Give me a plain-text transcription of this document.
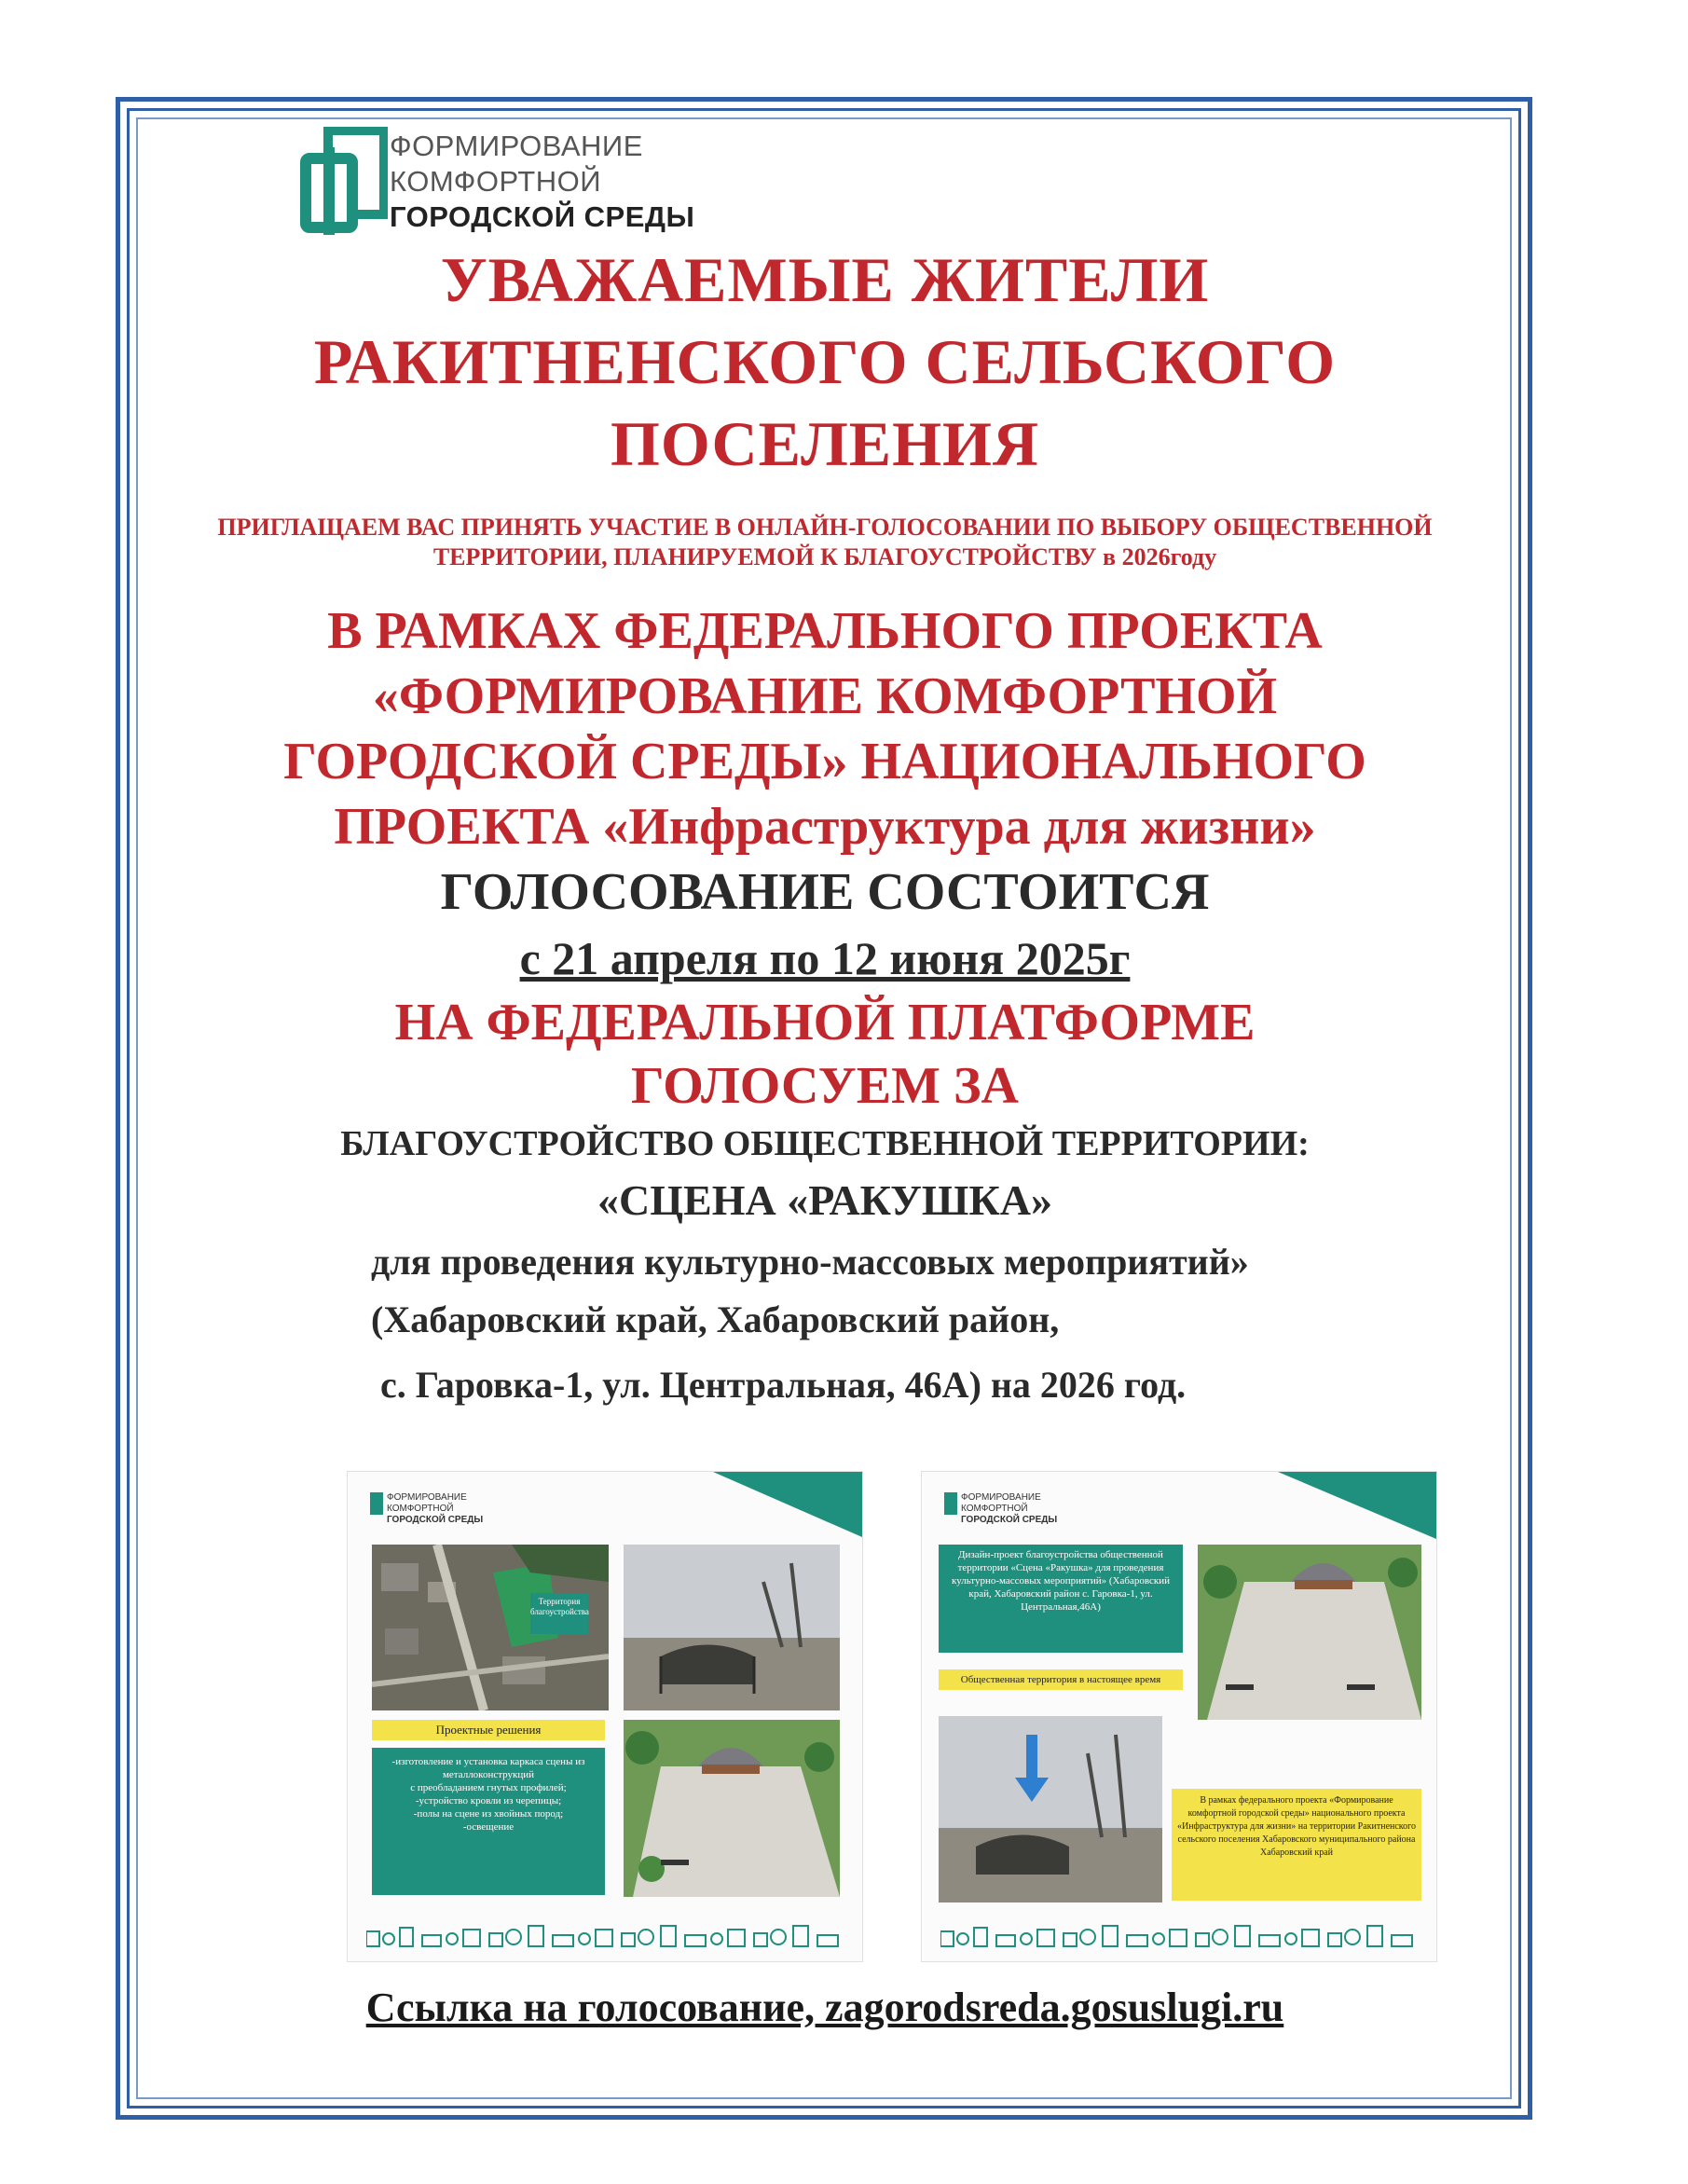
ФОРМИРОВАНИЕ
КОМФОРТНОЙ
ГОРОДСКОЙ СРЕДЫ
УВАЖАЕМЫЕ ЖИТЕЛИ
РАКИТНЕНСКОГО СЕЛЬСКОГО
ПОСЕЛЕНИЯ
ПРИГЛАЩАЕМ ВАС ПРИНЯТЬ УЧАСТИЕ В ОНЛАЙН-ГОЛОСОВАНИИ ПО ВЫБОРУ ОБЩЕСТВЕННОЙ
ТЕРРИТОРИИ, ПЛАНИРУЕМОЙ К БЛАГОУСТРОЙСТВУ в 2026году
В РАМКАХ ФЕДЕРАЛЬНОГО ПРОЕКТА
«ФОРМИРОВАНИЕ КОМФОРТНОЙ
ГОРОДСКОЙ СРЕДЫ» НАЦИОНАЛЬНОГО
ПРОЕКТА «Инфраструктура для жизни»
ГОЛОСОВАНИЕ СОСТОИТСЯ
с 21 апреля по 12 июня 2025г
НА ФЕДЕРАЛЬНОЙ ПЛАТФОРМЕ
ГОЛОСУЕМ ЗА
БЛАГОУСТРОЙСТВО ОБЩЕСТВЕННОЙ ТЕРРИТОРИИ:
«СЦЕНА «РАКУШКА»
для проведения культурно-массовых мероприятий»
(Хабаровский край, Хабаровский район,
с. Гаровка-1, ул. Центральная, 46А) на 2026 год.
ФОРМИРОВАНИЕ
КОМФОРТНОЙ
ГОРОДСКОЙ СРЕДЫ
Территория благоустройства
Проектные решения
-изготовление и установка каркаса сцены из металлоконструкций
с преобладанием гнутых профилей;
-устройство кровли из черепицы;
-полы на сцене из хвойных пород;
-освещение
ФОРМИРОВАНИЕ
КОМФОРТНОЙ
ГОРОДСКОЙ СРЕДЫ
Дизайн-проект благоустройства общественной территории «Сцена «Ракушка» для проведения культурно-массовых мероприятий» (Хабаровский край, Хабаровский район с. Гаровка-1, ул. Центральная,46А)
Общественная территория в настоящее время
В рамках федерального проекта «Формирование комфортной городской среды» национального проекта «Инфраструктура для жизни» на территории Ракитненского сельского поселения Хабаровского муниципального района Хабаровский край
Ссылка на голосование, zagorodsreda.gosuslugi.ru
